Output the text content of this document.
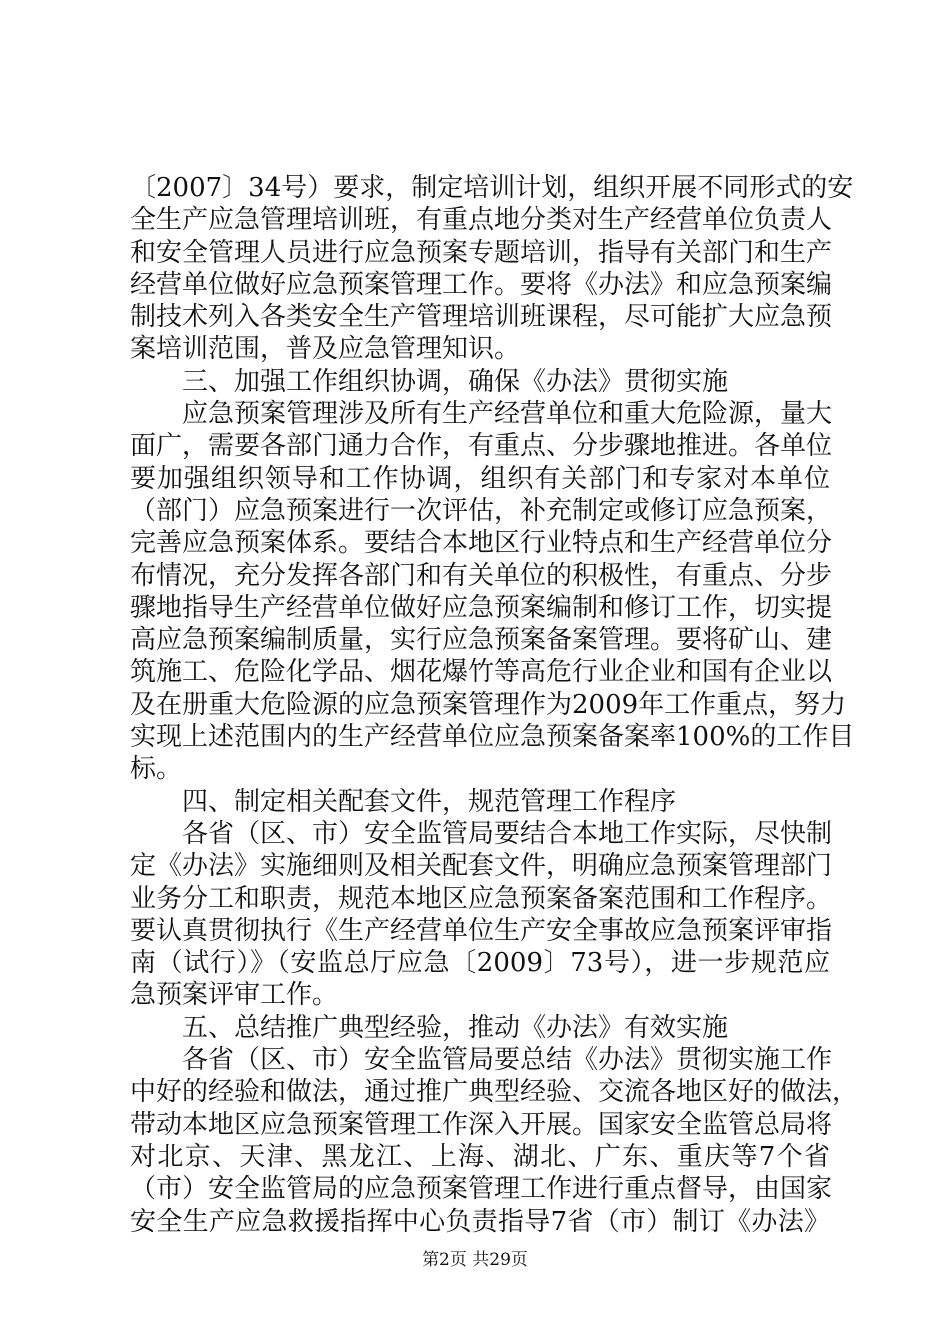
〔2007〕34号）要求，制定培训计划，组织开展不同形式的安
全生产应急管理培训班，有重点地分类对生产经营单位负责人
和安全管理人员进行应急预案专题培训，指导有关部门和生产
经营单位做好应急预案管理工作。要将《办法》和应急预案编
制技术列入各类安全生产管理培训班课程，尽可能扩大应急预
案培训范围，普及应急管理知识。
三、加强工作组织协调，确保《办法》贯彻实施
应急预案管理涉及所有生产经营单位和重大危险源，量大
面广，需要各部门通力合作，有重点、分步骤地推进。各单位
要加强组织领导和工作协调，组织有关部门和专家对本单位
（部门）应急预案进行一次评估，补充制定或修订应急预案，
完善应急预案体系。要结合本地区行业特点和生产经营单位分
布情况，充分发挥各部门和有关单位的积极性，有重点、分步
骤地指导生产经营单位做好应急预案编制和修订工作，切实提
高应急预案编制质量，实行应急预案备案管理。要将矿山、建
筑施工、危险化学品、烟花爆竹等高危行业企业和国有企业以
及在册重大危险源的应急预案管理作为2009年工作重点，努力
实现上述范围内的生产经营单位应急预案备案率100%的工作目
标。
四、制定相关配套文件，规范管理工作程序
各省（区、市）安全监管局要结合本地工作实际，尽快制
定《办法》实施细则及相关配套文件，明确应急预案管理部门
业务分工和职责，规范本地区应急预案备案范围和工作程序。
要认真贯彻执行《生产经营单位生产安全事故应急预案评审指
南（试行）》（安监总厅应急〔2009〕73号），进一步规范应
急预案评审工作。
五、总结推广典型经验，推动《办法》有效实施
各省（区、市）安全监管局要总结《办法》贯彻实施工作
中好的经验和做法，通过推广典型经验、交流各地区好的做法，
带动本地区应急预案管理工作深入开展。国家安全监管总局将
对北京、天津、黑龙江、上海、湖北、广东、重庆等7个省
（市）安全监管局的应急预案管理工作进行重点督导，由国家
安全生产应急救援指挥中心负责指导7省（市）制订《办法》
第2页 共29页
